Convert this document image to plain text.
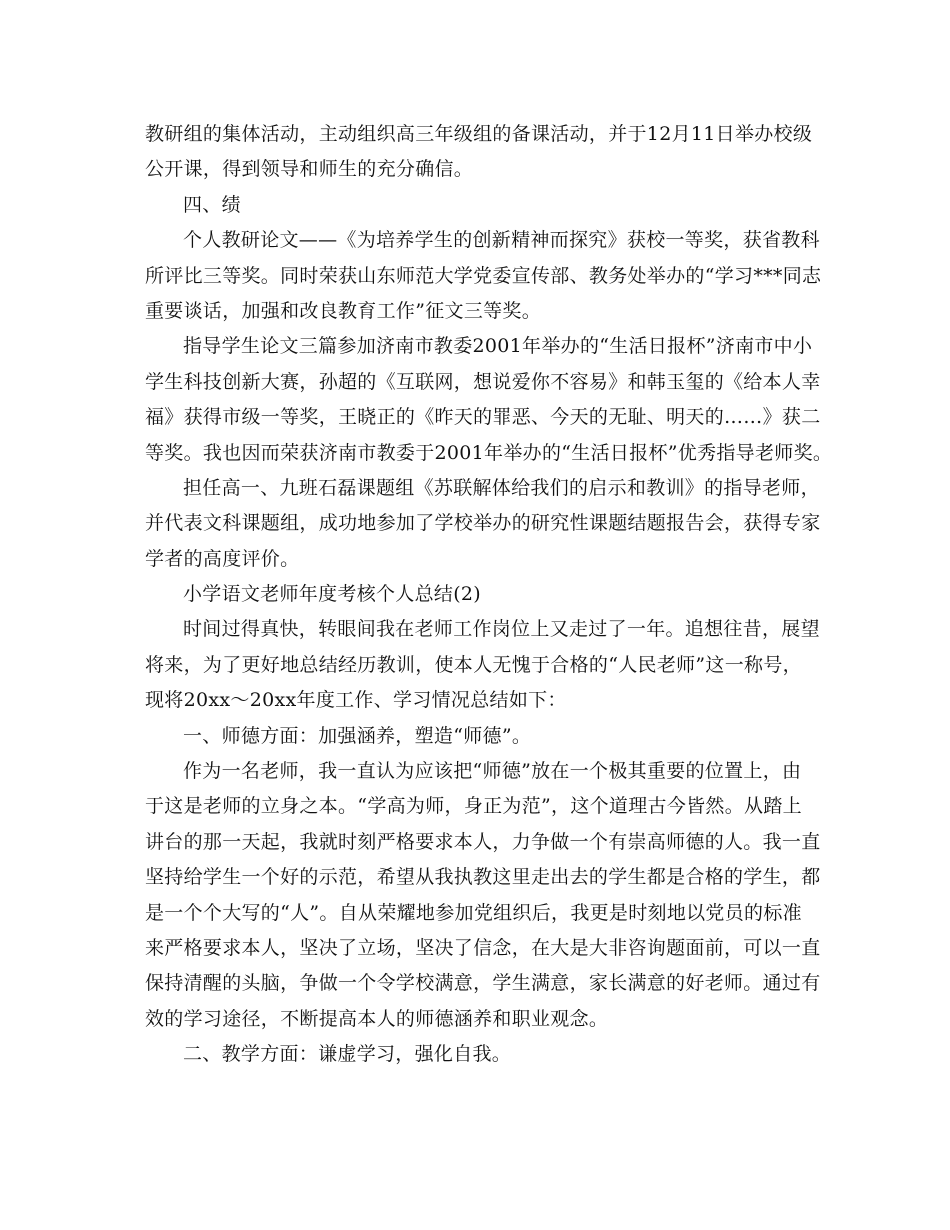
教研组的集体活动，主动组织高三年级组的备课活动，并于12月11日举办校级
公开课，得到领导和师生的充分确信。
四、绩
个人教研论文——《为培养学生的创新精神而探究》获校一等奖，获省教科
所评比三等奖。同时荣获山东师范大学党委宣传部、教务处举办的“学习***同志
重要谈话，加强和改良教育工作”征文三等奖。
指导学生论文三篇参加济南市教委2001年举办的“生活日报杯”济南市中小
学生科技创新大赛，孙超的《互联网，想说爱你不容易》和韩玉玺的《给本人幸
福》获得市级一等奖，王晓正的《昨天的罪恶、今天的无耻、明天的……》获二
等奖。我也因而荣获济南市教委于2001年举办的“生活日报杯”优秀指导老师奖。
担任高一、九班石磊课题组《苏联解体给我们的启示和教训》的指导老师，
并代表文科课题组，成功地参加了学校举办的研究性课题结题报告会，获得专家
学者的高度评价。
小学语文老师年度考核个人总结(2)
时间过得真快，转眼间我在老师工作岗位上又走过了一年。追想往昔，展望
将来，为了更好地总结经历教训，使本人无愧于合格的“人民老师”这一称号，
现将20xx～20xx年度工作、学习情况总结如下：
一、师德方面：加强涵养，塑造“师德”。
作为一名老师，我一直认为应该把“师德”放在一个极其重要的位置上，由
于这是老师的立身之本。“学高为师，身正为范”，这个道理古今皆然。从踏上
讲台的那一天起，我就时刻严格要求本人，力争做一个有崇高师德的人。我一直
坚持给学生一个好的示范，希望从我执教这里走出去的学生都是合格的学生，都
是一个个大写的“人”。自从荣耀地参加党组织后，我更是时刻地以党员的标准
来严格要求本人，坚决了立场，坚决了信念，在大是大非咨询题面前，可以一直
保持清醒的头脑，争做一个令学校满意，学生满意，家长满意的好老师。通过有
效的学习途径，不断提高本人的师德涵养和职业观念。
二、教学方面：谦虚学习，强化自我。
